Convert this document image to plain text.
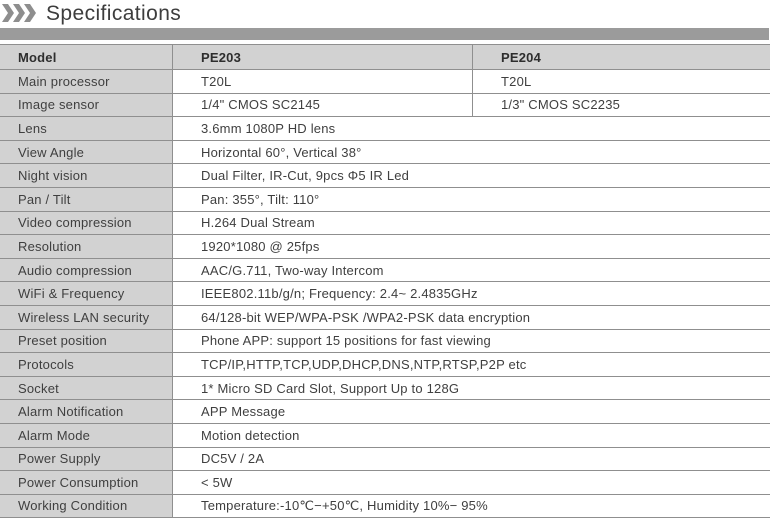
Specifications
Model	PE203	PE204
Main processor	T20L	T20L
Image sensor	1/4" CMOS SC2145	1/3" CMOS SC2235
Lens	3.6mm 1080P HD lens
View Angle	Horizontal 60°, Vertical 38°
Night vision	Dual Filter, IR-Cut, 9pcs Φ5 IR Led
Pan / Tilt	Pan: 355°, Tilt: 110°
Video compression	H.264 Dual Stream
Resolution	1920*1080 @ 25fps
Audio compression	AAC/G.711, Two-way Intercom
WiFi & Frequency	IEEE802.11b/g/n; Frequency: 2.4~ 2.4835GHz
Wireless LAN security	64/128-bit WEP/WPA-PSK /WPA2-PSK data encryption
Preset position	Phone APP: support 15 positions for fast viewing
Protocols	TCP/IP,HTTP,TCP,UDP,DHCP,DNS,NTP,RTSP,P2P etc
Socket	1* Micro SD Card Slot, Support Up to 128G
Alarm Notification	APP Message
Alarm Mode	Motion detection
Power Supply	DC5V / 2A
Power Consumption	< 5W
Working Condition	Temperature:-10℃−+50℃, Humidity 10%− 95%
